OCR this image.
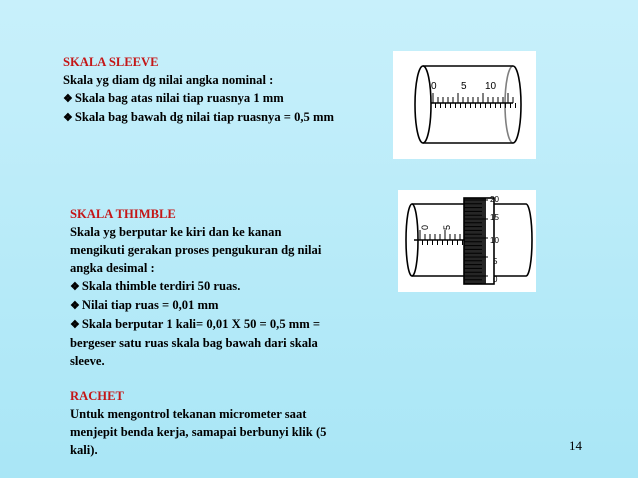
SKALA SLEEVE
Skala yg diam dg nilai angka nominal :
❖ Skala bag atas nilai tiap ruasnya 1 mm
❖ Skala bag bawah dg nilai tiap ruasnya = 0,5 mm
0 5 10
SKALA THIMBLE
Skala yg berputar ke kiri dan ke kanan
mengikuti gerakan proses pengukuran dg nilai
angka desimal :
❖ Skala thimble terdiri 50 ruas.
❖ Nilai tiap ruas = 0,01 mm
❖ Skala berputar 1 kali= 0,01 X 50 = 0,5 mm =
bergeser satu ruas skala bag bawah dari skala
sleeve.
0 5
20
15
10
5
0
RACHET
Untuk mengontrol tekanan micrometer saat
menjepit benda kerja, samapai berbunyi klik (5
kali).	14
